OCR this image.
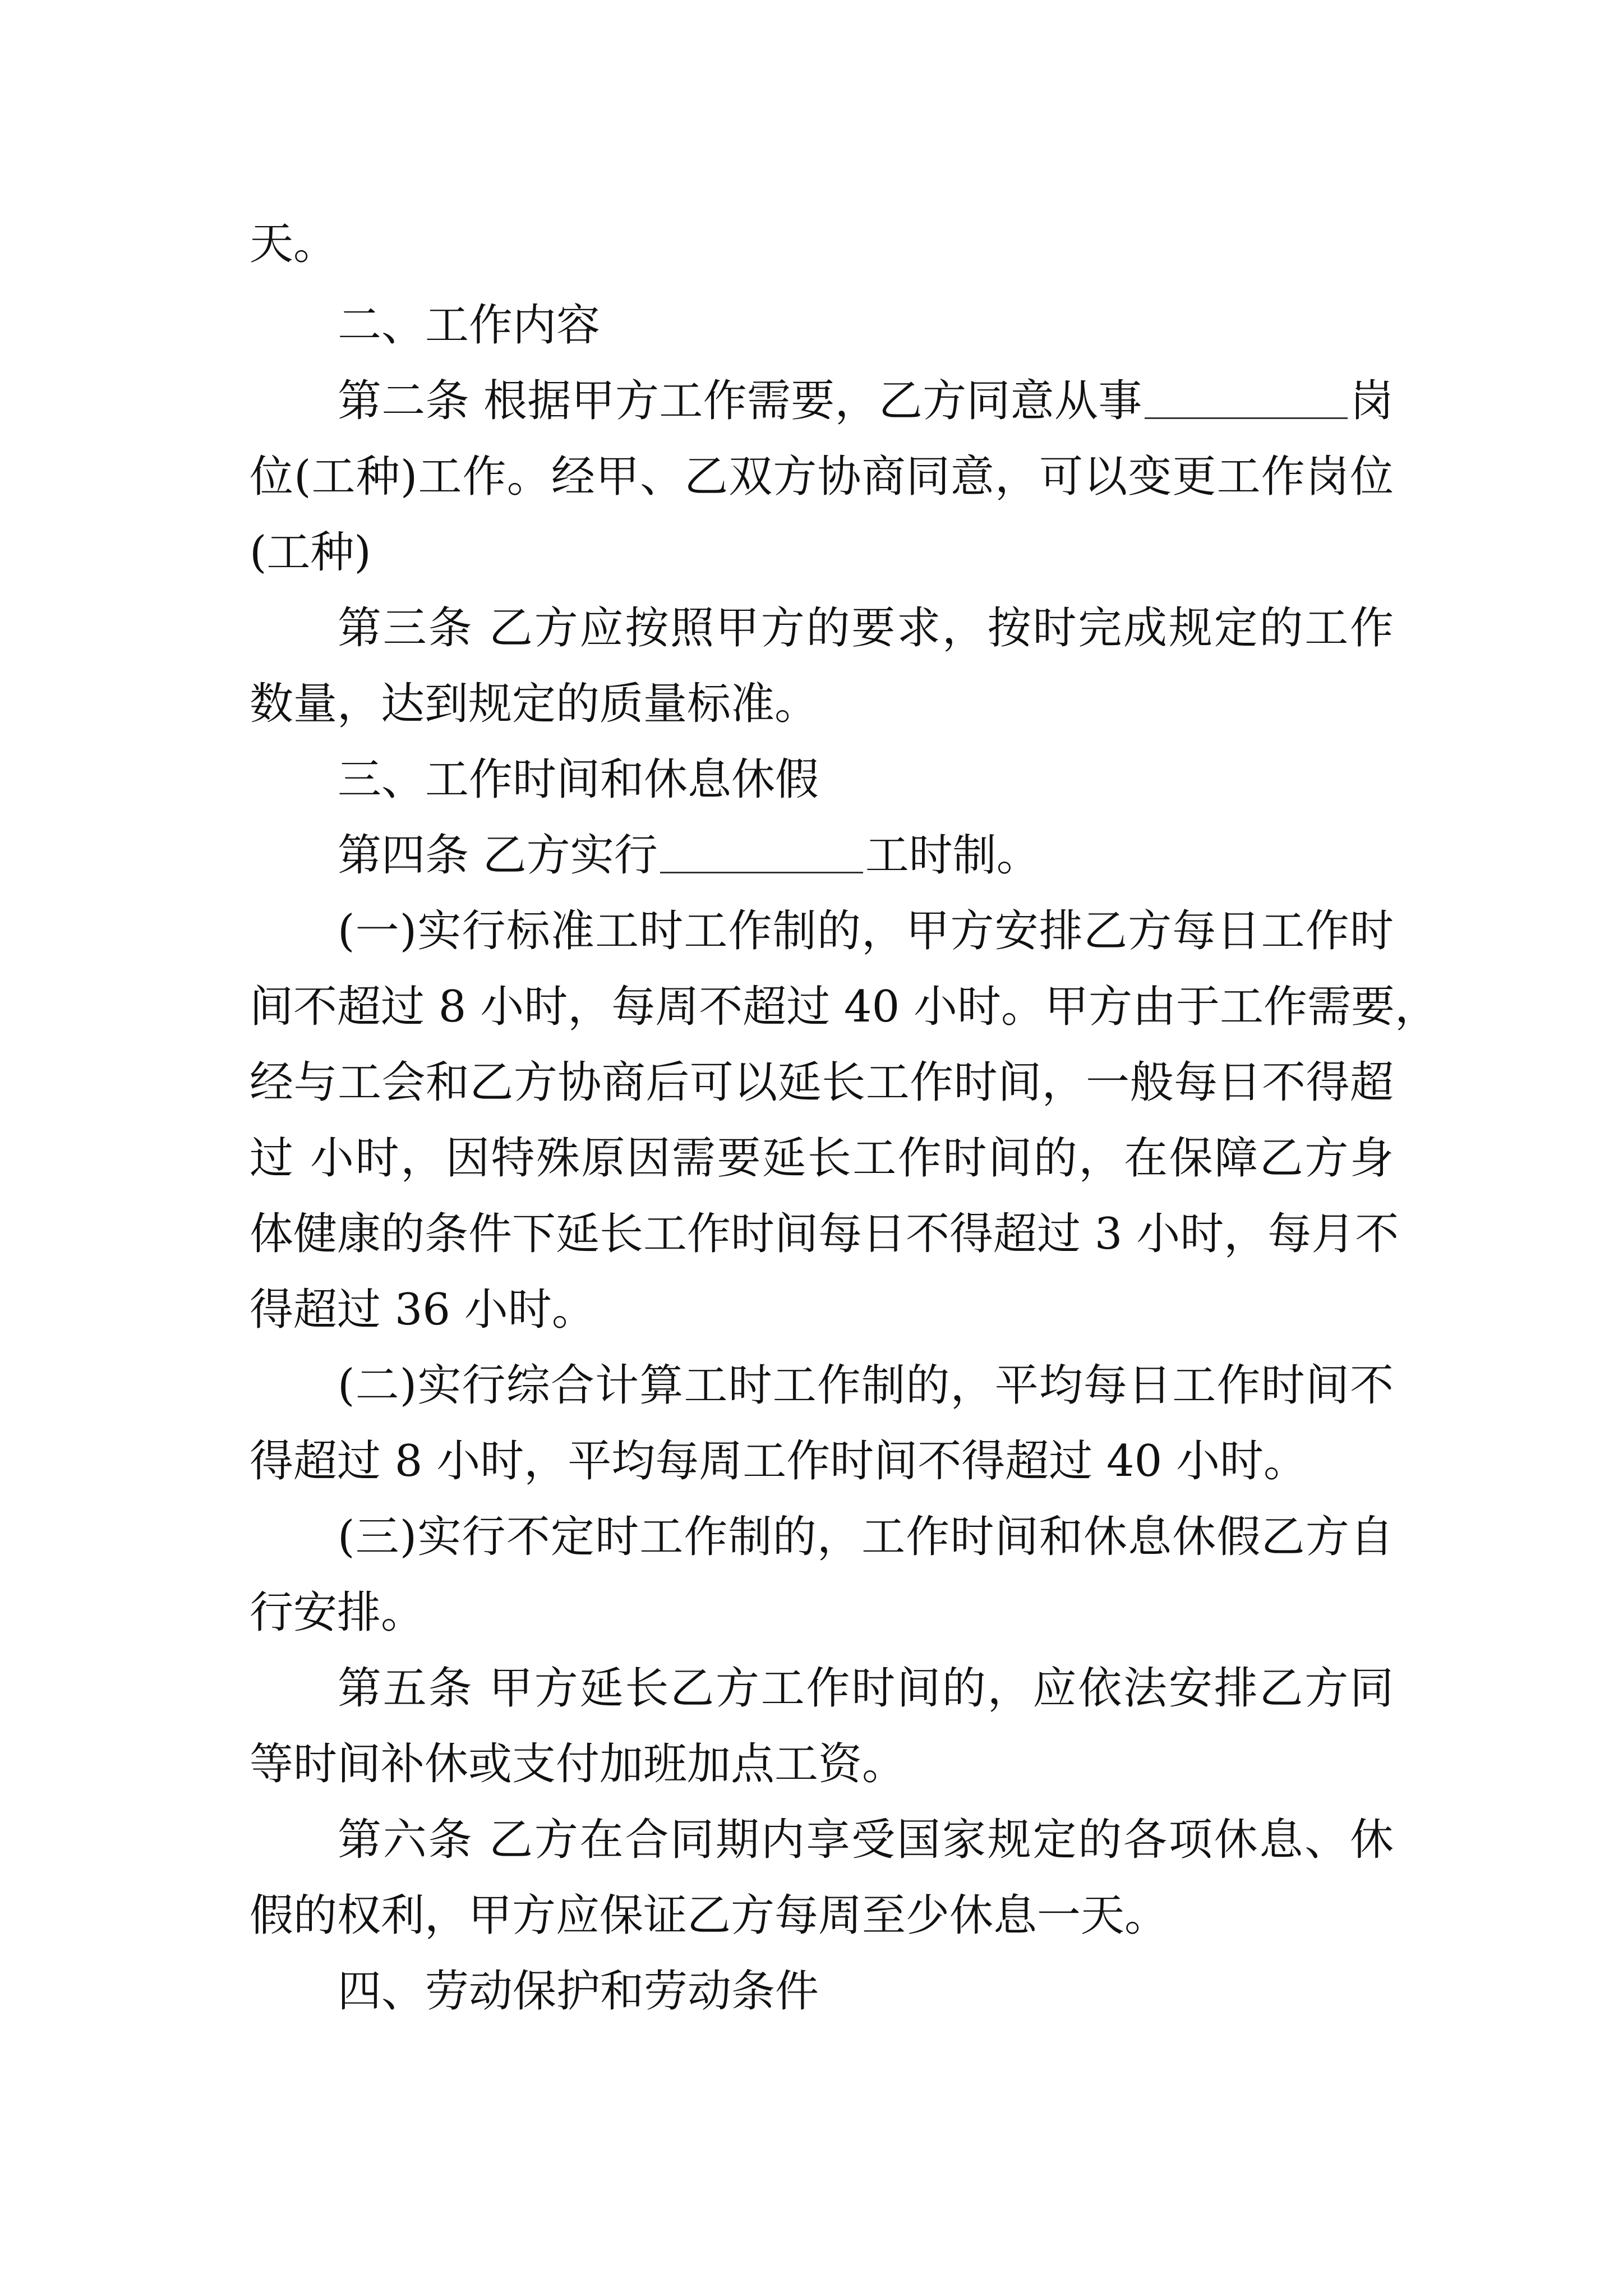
天。
二、工作内容
第二条 根据甲方工作需要，乙方同意从事	岗
位(工种)工作。经甲、乙双方协商同意，可以变更工作岗位
(工种)
第三条 乙方应按照甲方的要求，按时完成规定的工作
数量，达到规定的质量标准。
三、工作时间和休息休假
第四条 乙方实行	工时制。
(一)实行标准工时工作制的，甲方安排乙方每日工作时
间不超过 8 小时，每周不超过 40 小时。甲方由于工作需要，
经与工会和乙方协商后可以延长工作时间，一般每日不得超
过 小时，因特殊原因需要延长工作时间的，在保障乙方身
体健康的条件下延长工作时间每日不得超过 3 小时，每月不
得超过 36 小时。
(二)实行综合计算工时工作制的，平均每日工作时间不
得超过 8 小时，平均每周工作时间不得超过 40 小时。
(三)实行不定时工作制的，工作时间和休息休假乙方自
行安排。
第五条 甲方延长乙方工作时间的，应依法安排乙方同
等时间补休或支付加班加点工资。
第六条 乙方在合同期内享受国家规定的各项休息、休
假的权利，甲方应保证乙方每周至少休息一天。
四、劳动保护和劳动条件
